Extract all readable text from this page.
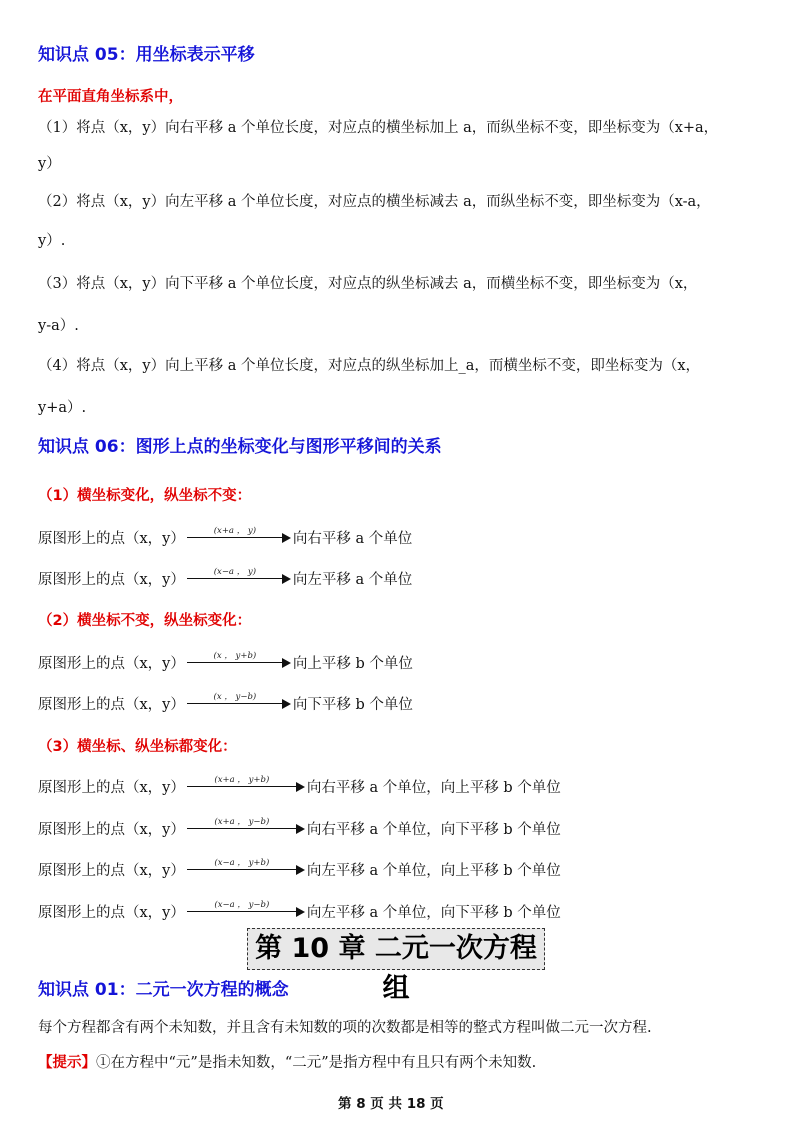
知识点 05：用坐标表示平移
在平面直角坐标系中，
（1）将点（x，y）向右平移 a 个单位长度，对应点的横坐标加上 a，而纵坐标不变，即坐标变为（x+a，
y）
（2）将点（x，y）向左平移 a 个单位长度，对应点的横坐标减去 a，而纵坐标不变，即坐标变为（x-a，
y）.
（3）将点（x，y）向下平移 a 个单位长度，对应点的纵坐标减去 a，而横坐标不变，即坐标变为（x，
y-a）.
（4）将点（x，y）向上平移 a 个单位长度，对应点的纵坐标加上_a，而横坐标不变，即坐标变为（x，
y+a）.
知识点 06：图形上点的坐标变化与图形平移间的关系
（1）横坐标变化，纵坐标不变：
原图形上的点（x，y）	(x+a ， y)	向右平移 a 个单位
原图形上的点（x，y）	(x−a ， y)	向左平移 a 个单位
（2）横坐标不变，纵坐标变化：
原图形上的点（x，y）	(x ， y+b)	向上平移 b 个单位
原图形上的点（x，y）	(x ， y−b)	向下平移 b 个单位
（3）横坐标、纵坐标都变化：
原图形上的点（x，y）	(x+a ， y+b)	向右平移 a 个单位，向上平移 b 个单位
原图形上的点（x，y）	(x+a ， y−b)	向右平移 a 个单位，向下平移 b 个单位
原图形上的点（x，y）	(x−a ， y+b)	向左平移 a 个单位，向上平移 b 个单位
原图形上的点（x，y）	(x−a ， y−b)	向左平移 a 个单位，向下平移 b 个单位
第 10 章 二元一次方程组
知识点 01：二元一次方程的概念
每个方程都含有两个未知数，并且含有未知数的项的次数都是相等的整式方程叫做二元一次方程.
【提示】①在方程中“元”是指未知数，“二元”是指方程中有且只有两个未知数.
第 8 页 共 18 页
